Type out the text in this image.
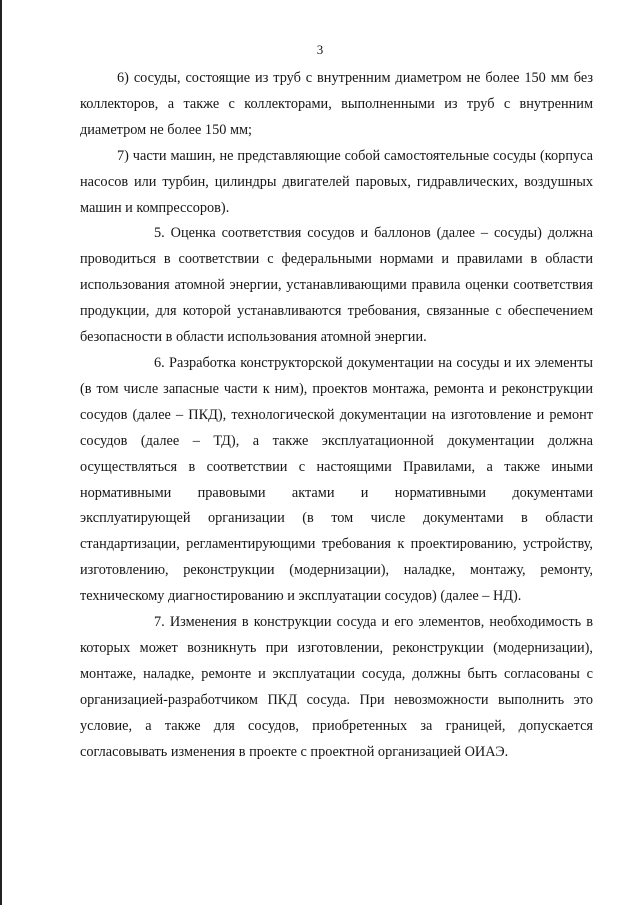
3

6) сосуды, состоящие из труб с внутренним диаметром не более 150 мм без коллекторов, а также с коллекторами, выполненными из труб с внутренним диаметром не более 150 мм;

7) части машин, не представляющие собой самостоятельные сосуды (корпуса насосов или турбин, цилиндры двигателей паровых, гидравлических, воздушных машин и компрессоров).

5. Оценка соответствия сосудов и баллонов (далее – сосуды) должна проводиться в соответствии с федеральными нормами и правилами в области использования атомной энергии, устанавливающими правила оценки соответствия продукции, для которой устанавливаются требования, связанные с обеспечением безопасности в области использования атомной энергии.

6. Разработка конструкторской документации на сосуды и их элементы (в том числе запасные части к ним), проектов монтажа, ремонта и реконструкции сосудов (далее – ПКД), технологической документации на изготовление и ремонт сосудов (далее – ТД), а также эксплуатационной документации должна осуществляться в соответствии с настоящими Правилами, а также иными нормативными правовыми актами и нормативными документами эксплуатирующей организации (в том числе документами в области стандартизации, регламентирующими требования к проектированию, устройству, изготовлению, реконструкции (модернизации), наладке, монтажу, ремонту, техническому диагностированию и эксплуатации сосудов) (далее – НД).

7. Изменения в конструкции сосуда и его элементов, необходимость в которых может возникнуть при изготовлении, реконструкции (модернизации), монтаже, наладке, ремонте и эксплуатации сосуда, должны быть согласованы с организацией-разработчиком ПКД сосуда. При невозможности выполнить это условие, а также для сосудов, приобретенных за границей, допускается согласовывать изменения в проекте с проектной организацией ОИАЭ.
